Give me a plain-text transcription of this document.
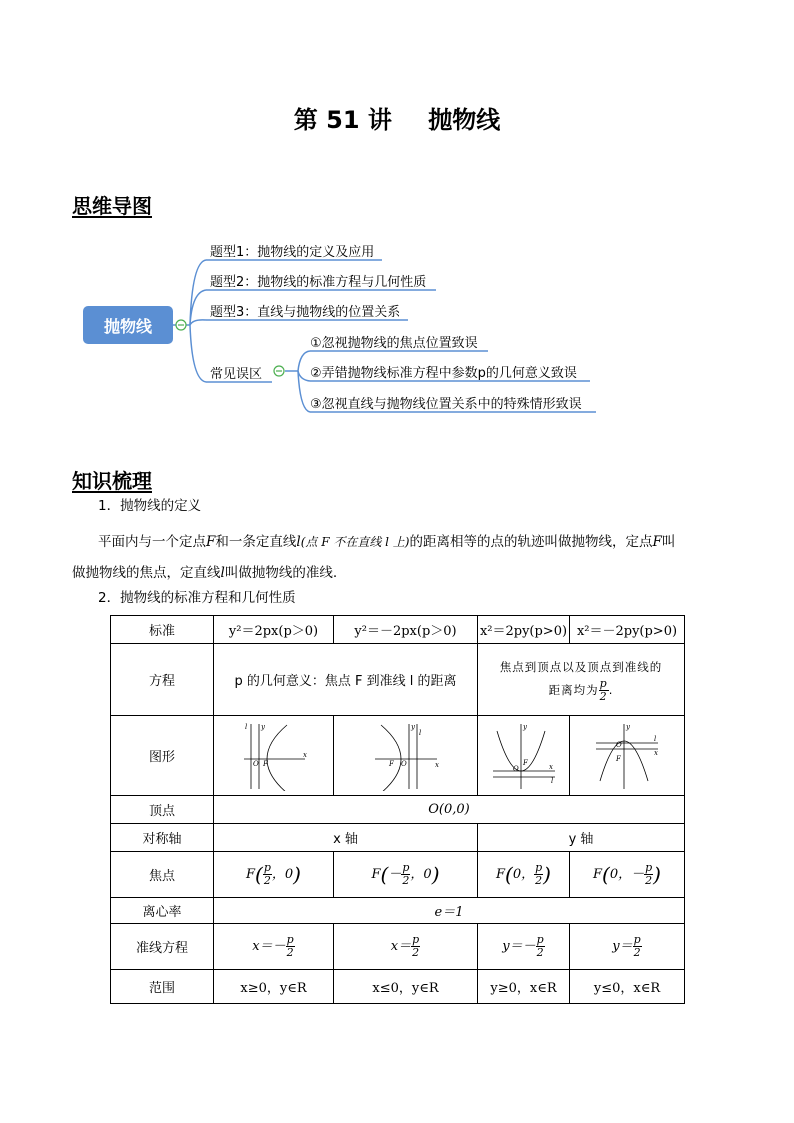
第 51 讲 抛物线
思维导图
抛物线
题型1：抛物线的定义及应用
题型2：抛物线的标准方程与几何性质
题型3：直线与抛物线的位置关系
常见误区
①忽视抛物线的焦点位置致误
②弄错抛物线标准方程中参数p的几何意义致误
③忽视直线与抛物线位置关系中的特殊情形致误
知识梳理
1．抛物线的定义
平面内与一个定点F和一条定直线l(点 F 不在直线 l 上)的距离相等的点的轨迹叫做抛物线，定点F叫
做抛物线的焦点，定直线l叫做抛物线的准线.
2．抛物线的标准方程和几何性质
标准	y²＝2px(p＞0)	y²＝－2px(p＞0)	x²＝2py(p>0)	x²＝－2py(p>0)
方程	p 的几何意义：焦点 F 到准线 l 的距离		焦点到顶点以及顶点到准线的
距离均为 $\frac{p}{2}$ .	

图形	O F
x
y
l	O
F x
y
l	O
F x
y
l	O
F
x
y
l

顶点	O(0,0)			
对称轴	x 轴		y 轴	
焦点	$F( \frac{p}{2}$ ，0)	$F(- \frac{p}{2}$ ，0)	F(0， $\frac{p}{2}$ )	F(0，－ $\frac{p}{2}$ )
离心率	e＝1			
准线方程	$x=- \frac{p}{2}$	$x= \frac{p}{2}$	$y=- \frac{p}{2}$	$y= \frac{p}{2}$

范围	x≥0，y∈R	x≤0，y∈R	y≥0，x∈R	y≤0，x∈R
